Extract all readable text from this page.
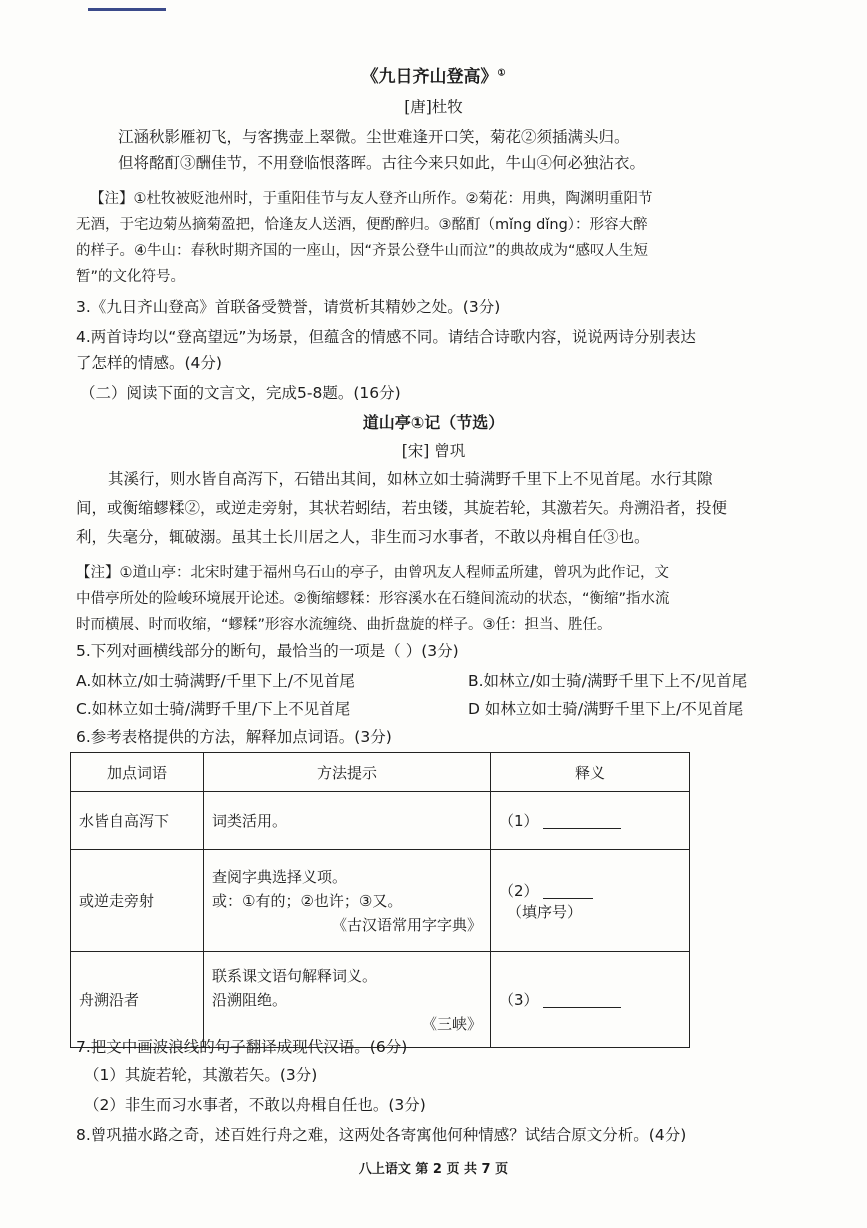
《九日齐山登高》①
[唐]杜牧
江涵秋影雁初飞，与客携壶上翠微。尘世难逢开口笑，菊花②须插满头归。
但将酩酊③酬佳节，不用登临恨落晖。古往今来只如此，牛山④何必独沾衣。
【注】①杜牧被贬池州时，于重阳佳节与友人登齐山所作。②菊花：用典，陶渊明重阳节
无酒，于宅边菊丛摘菊盈把，恰逢友人送酒，便酌醉归。③酩酊（mǐng dǐng）：形容大醉
的样子。④牛山：春秋时期齐国的一座山，因“齐景公登牛山而泣”的典故成为“感叹人生短
暂”的文化符号。
3.《九日齐山登高》首联备受赞誉，请赏析其精妙之处。(3分)
4.两首诗均以“登高望远”为场景，但蕴含的情感不同。请结合诗歌内容，说说两诗分别表达
了怎样的情感。(4分)
（二）阅读下面的文言文，完成5-8题。(16分)
道山亭①记（节选）
[宋] 曾巩
其溪行，则水皆自高泻下，石错出其间，如林立如士骑满野千里下上不见首尾。水行其隙
间，或衡缩蟉糅②，或逆走旁射，其状若蚓结，若虫镂，其旋若轮，其激若矢。舟溯沿者，投便
利，失毫分，辄破溺。虽其土长川居之人，非生而习水事者，不敢以舟楫自任③也。
【注】①道山亭：北宋时建于福州乌石山的亭子，由曾巩友人程师孟所建，曾巩为此作记，文
中借亭所处的险峻环境展开论述。②衡缩蟉糅：形容溪水在石缝间流动的状态，“衡缩”指水流
时而横展、时而收缩，“蟉糅”形容水流缠绕、曲折盘旋的样子。③任：担当、胜任。
5.下列对画横线部分的断句，最恰当的一项是（ ）(3分)
A.如林立/如士骑满野/千里下上/不见首尾	B.如林立/如士骑/满野千里下上不/见首尾
C.如林立如士骑/满野千里/下上不见首尾	D 如林立如士骑/满野千里下上/不见首尾
6.参考表格提供的方法，解释加点词语。(3分)
加点词语	方法提示	释义
水皆自高泻下	词类活用。	（1）
或逆走旁射	查阅字典选择义项。
或：①有的；②也许；③又。
《古汉语常用字字典》	（2）  （填序号）
舟溯沿者	联系课文语句解释词义。
沿溯阻绝。
《三峡》	（3）
7.把文中画波浪线的句子翻译成现代汉语。(6分)
（1）其旋若轮，其激若矢。(3分)
（2）非生而习水事者，不敢以舟楫自任也。(3分)
8.曾巩描水路之奇，述百姓行舟之难，这两处各寄寓他何种情感？试结合原文分析。(4分)
八上语文 第 2 页 共 7 页
